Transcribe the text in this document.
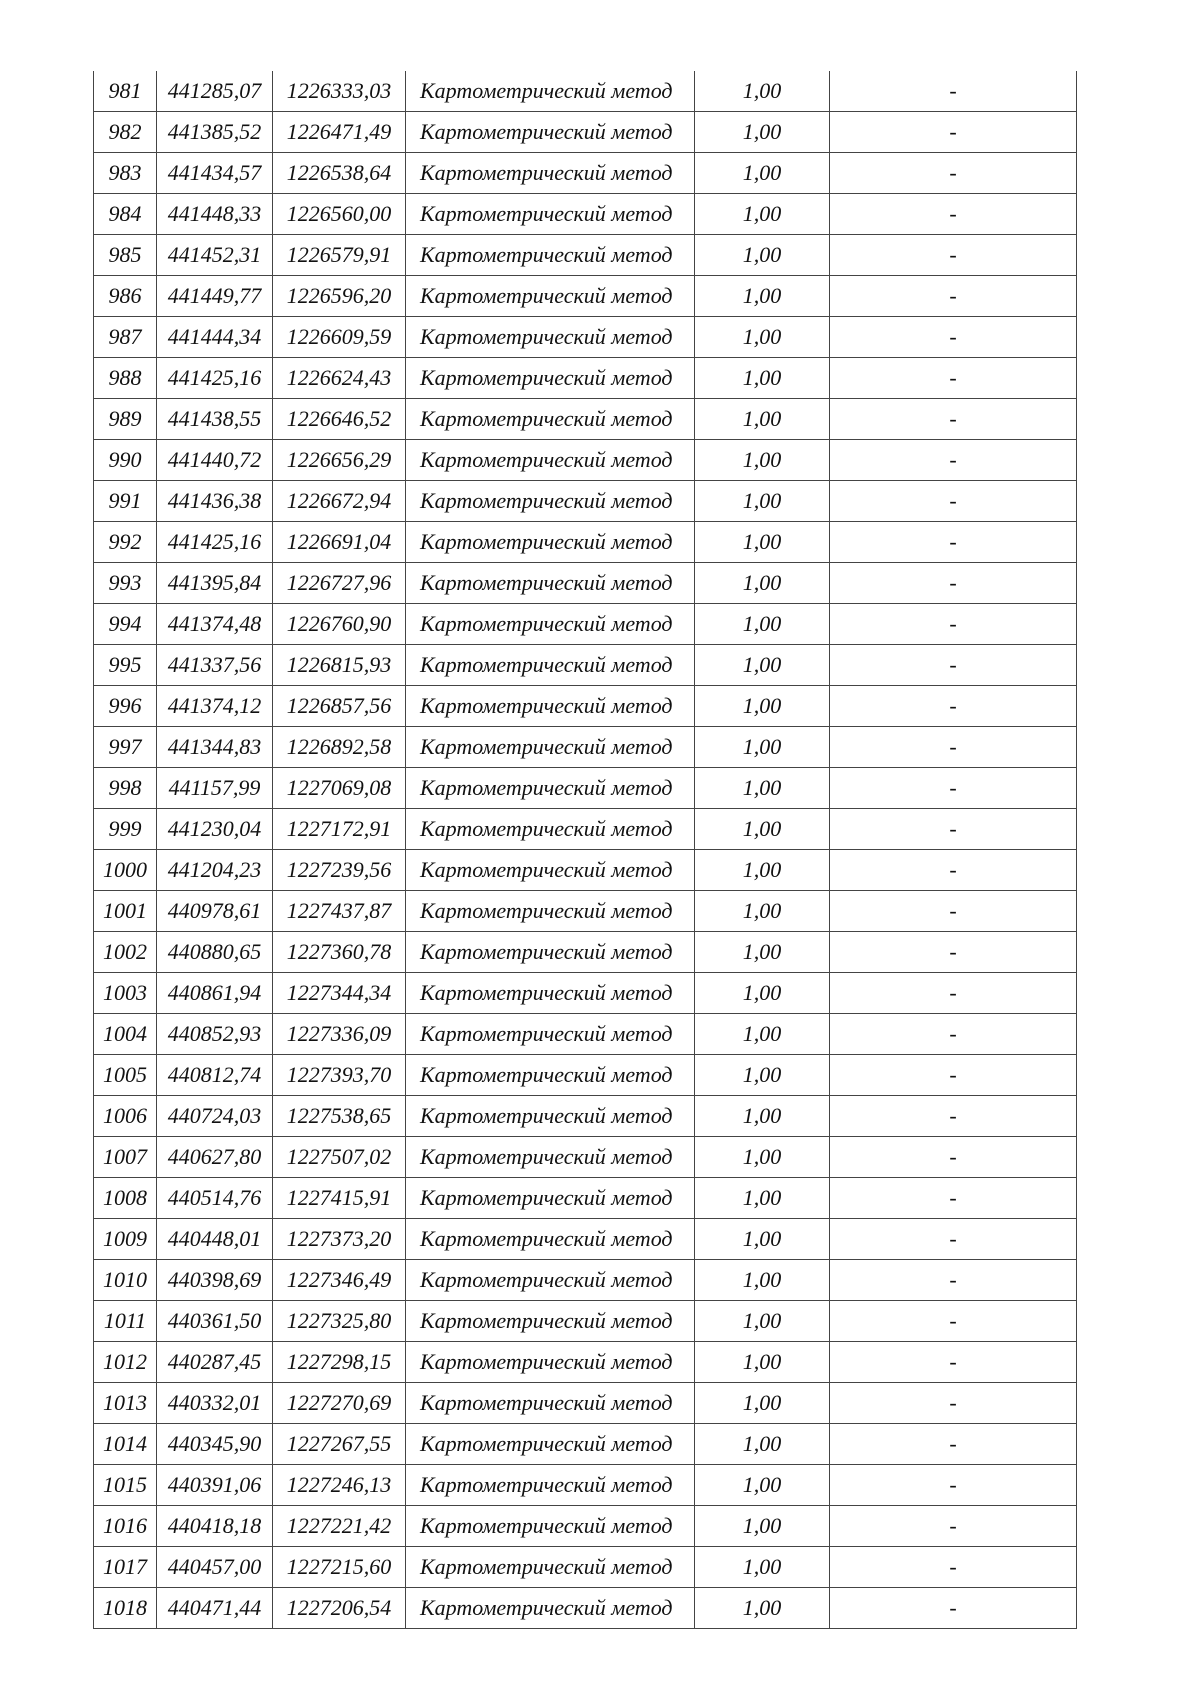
981	441285,07	1226333,03	Картометрический метод	1,00	-
982	441385,52	1226471,49	Картометрический метод	1,00	-
983	441434,57	1226538,64	Картометрический метод	1,00	-
984	441448,33	1226560,00	Картометрический метод	1,00	-
985	441452,31	1226579,91	Картометрический метод	1,00	-
986	441449,77	1226596,20	Картометрический метод	1,00	-
987	441444,34	1226609,59	Картометрический метод	1,00	-
988	441425,16	1226624,43	Картометрический метод	1,00	-
989	441438,55	1226646,52	Картометрический метод	1,00	-
990	441440,72	1226656,29	Картометрический метод	1,00	-
991	441436,38	1226672,94	Картометрический метод	1,00	-
992	441425,16	1226691,04	Картометрический метод	1,00	-
993	441395,84	1226727,96	Картометрический метод	1,00	-
994	441374,48	1226760,90	Картометрический метод	1,00	-
995	441337,56	1226815,93	Картометрический метод	1,00	-
996	441374,12	1226857,56	Картометрический метод	1,00	-
997	441344,83	1226892,58	Картометрический метод	1,00	-
998	441157,99	1227069,08	Картометрический метод	1,00	-
999	441230,04	1227172,91	Картометрический метод	1,00	-
1000	441204,23	1227239,56	Картометрический метод	1,00	-
1001	440978,61	1227437,87	Картометрический метод	1,00	-
1002	440880,65	1227360,78	Картометрический метод	1,00	-
1003	440861,94	1227344,34	Картометрический метод	1,00	-
1004	440852,93	1227336,09	Картометрический метод	1,00	-
1005	440812,74	1227393,70	Картометрический метод	1,00	-
1006	440724,03	1227538,65	Картометрический метод	1,00	-
1007	440627,80	1227507,02	Картометрический метод	1,00	-
1008	440514,76	1227415,91	Картометрический метод	1,00	-
1009	440448,01	1227373,20	Картометрический метод	1,00	-
1010	440398,69	1227346,49	Картометрический метод	1,00	-
1011	440361,50	1227325,80	Картометрический метод	1,00	-
1012	440287,45	1227298,15	Картометрический метод	1,00	-
1013	440332,01	1227270,69	Картометрический метод	1,00	-
1014	440345,90	1227267,55	Картометрический метод	1,00	-
1015	440391,06	1227246,13	Картометрический метод	1,00	-
1016	440418,18	1227221,42	Картометрический метод	1,00	-
1017	440457,00	1227215,60	Картометрический метод	1,00	-
1018	440471,44	1227206,54	Картометрический метод	1,00	-
